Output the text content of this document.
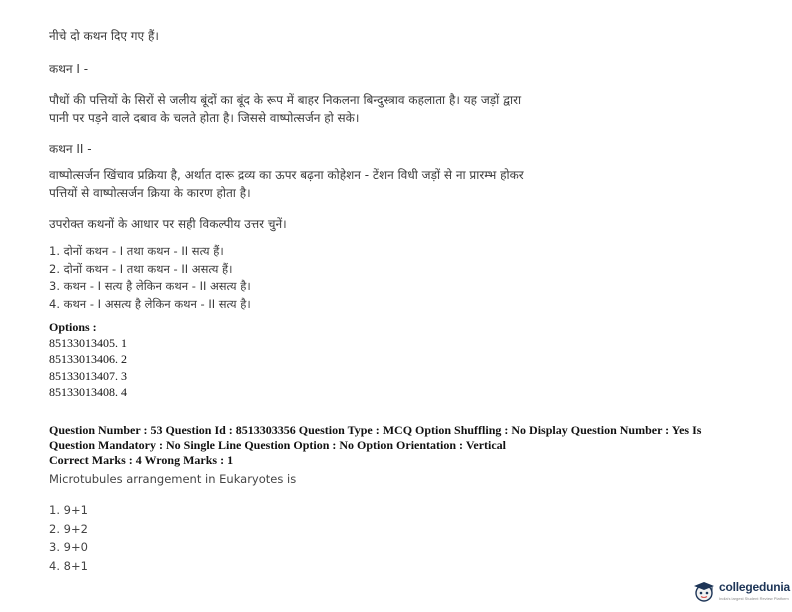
नीचे दो कथन दिए गए हैं।

कथन I -

पौधों की पत्तियों के सिरों से जलीय बूंदों का बूंद के रूप में बाहर निकलना बिन्दुस्त्राव कहलाता है। यह जड़ों द्वारा

पानी पर पड़ने वाले दबाव के चलते होता है। जिससे वाष्पोत्सर्जन हो सके।

कथन II -

वाष्पोत्सर्जन खिंचाव प्रक्रिया है, अर्थात दारू द्रव्य का ऊपर बढ़ना कोहेशन - टेंशन विधी जड़ों से ना प्रारम्भ होकर

पत्तियों से वाष्पोत्सर्जन क्रिया के कारण होता है।

उपरोक्त कथनों के आधार पर सही विकल्पीय उत्तर चुनें।

1. दोनों कथन - I तथा कथन - II सत्य हैं।
2. दोनों कथन - I तथा कथन - II असत्य हैं।
3. कथन - I सत्य है लेकिन कथन - II असत्य है।
4. कथन - I असत्य है लेकिन कथन - II सत्य है।

Options :

85133013405. 1
85133013406. 2
85133013407. 3
85133013408. 4

Question Number : 53 Question Id : 8513303356 Question Type : MCQ Option Shuffling : No Display Question Number : Yes Is

Question Mandatory : No Single Line Question Option : No Option Orientation : Vertical

Correct Marks : 4 Wrong Marks : 1

Microtubules arrangement in Eukaryotes is

1. 9+1
2. 9+2
3. 9+0
4. 8+1
collegedunia
India's largest Student Review Platform
